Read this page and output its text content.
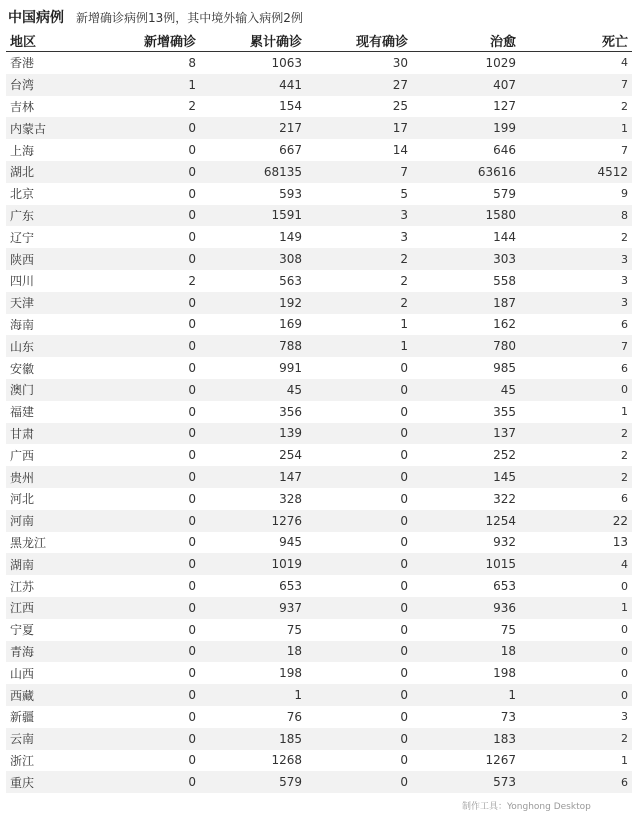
中国病例 新增确诊病例13例，其中境外输入病例2例
地区	新增确诊	累计确诊	现有确诊	治愈	死亡
香港	8	1063	30	1029	4
台湾	1	441	27	407	7
吉林	2	154	25	127	2
内蒙古	0	217	17	199	1
上海	0	667	14	646	7
湖北	0	68135	7	63616	4512
北京	0	593	5	579	9
广东	0	1591	3	1580	8
辽宁	0	149	3	144	2
陕西	0	308	2	303	3
四川	2	563	2	558	3
天津	0	192	2	187	3
海南	0	169	1	162	6
山东	0	788	1	780	7
安徽	0	991	0	985	6
澳门	0	45	0	45	0
福建	0	356	0	355	1
甘肃	0	139	0	137	2
广西	0	254	0	252	2
贵州	0	147	0	145	2
河北	0	328	0	322	6
河南	0	1276	0	1254	22
黑龙江	0	945	0	932	13
湖南	0	1019	0	1015	4
江苏	0	653	0	653	0
江西	0	937	0	936	1
宁夏	0	75	0	75	0
青海	0	18	0	18	0
山西	0	198	0	198	0
西藏	0	1	0	1	0
新疆	0	76	0	73	3
云南	0	185	0	183	2
浙江	0	1268	0	1267	1
重庆	0	579	0	573	6
制作工具：Yonghong Desktop
